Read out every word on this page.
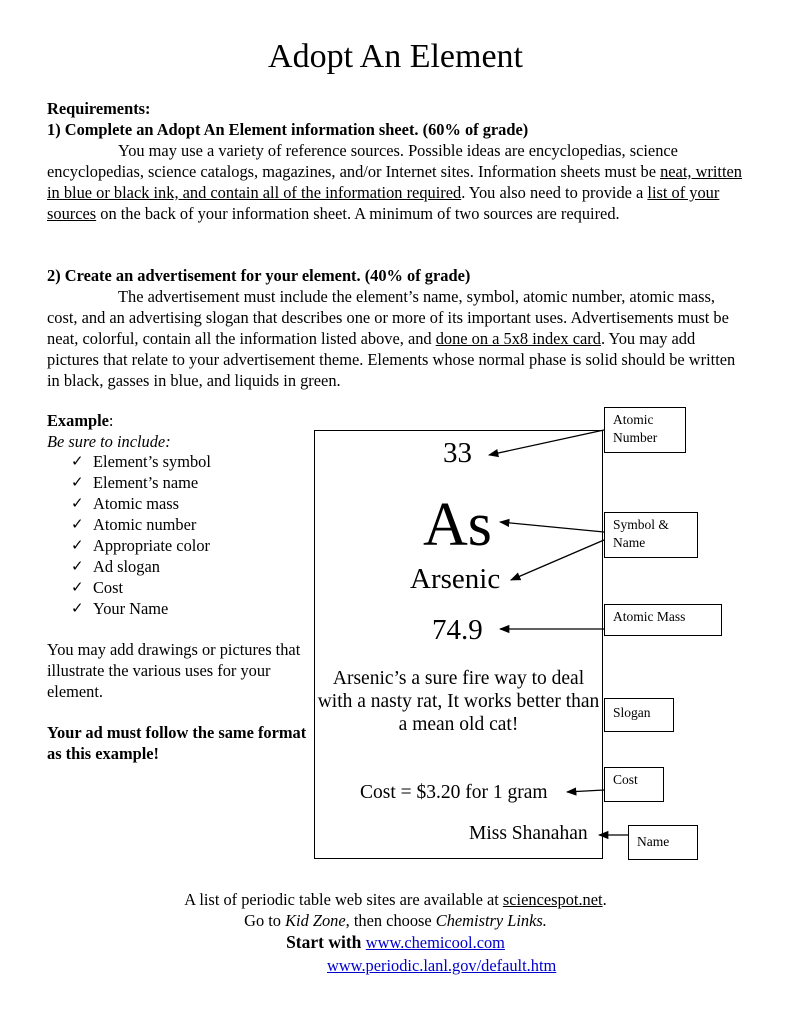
Adopt An Element
Requirements:
1) Complete an Adopt An Element information sheet. (60% of grade)
You may use a variety of reference sources. Possible ideas are encyclopedias, science encyclopedias, science catalogs, magazines, and/or Internet sites. Information sheets must be neat, written in blue or black ink, and contain all of the information required. You also need to provide a list of your sources on the back of your information sheet. A minimum of two sources are required.
2) Create an advertisement for your element. (40% of grade)
The advertisement must include the element’s name, symbol, atomic number, atomic mass, cost, and an advertising slogan that describes one or more of its important uses. Advertisements must be neat, colorful, contain all the information listed above, and done on a 5x8 index card. You may add pictures that relate to your advertisement theme. Elements whose normal phase is solid should be written in black, gasses in blue, and liquids in green.
Example:
Be sure to include:
✓ Element’s symbol
✓ Element’s name
✓ Atomic mass
✓ Atomic number
✓ Appropriate color
✓ Ad slogan
✓ Cost
✓ Your Name
You may add drawings or pictures that illustrate the various uses for your element.
Your ad must follow the same format as this example!
33
As
Arsenic
74.9
Arsenic’s a sure fire way to deal with a nasty rat, It works better than a mean old cat!
Cost = $3.20 for 1 gram
Miss Shanahan
Atomic Number
Symbol & Name
Atomic Mass
Slogan
Cost
Name
A list of periodic table web sites are available at sciencespot.net.
Go to Kid Zone, then choose Chemistry Links.
Start with www.chemicool.com
www.periodic.lanl.gov/default.htm
